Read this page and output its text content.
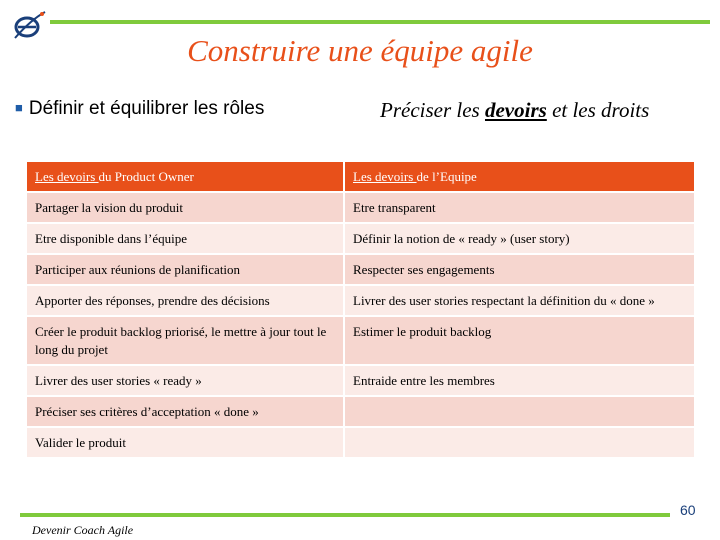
Construire une équipe agile
■ Définir et équilibrer les rôles	Préciser les devoirs et les droits
Les devoirs du Product Owner	Les devoirs de l’Equipe
Partager la vision du produit	Etre transparent
Etre disponible dans l’équipe	Définir la notion de « ready » (user story)
Participer aux réunions de planification	Respecter ses engagements
Apporter des réponses, prendre des décisions	Livrer des user stories respectant la définition du « done »
Créer le produit backlog priorisé, le mettre à jour tout le long du projet	Estimer le produit backlog
Livrer des user stories « ready »	Entraide entre les membres
Préciser ses critères d’acceptation « done »	
Valider le produit	
60
Devenir Coach Agile
